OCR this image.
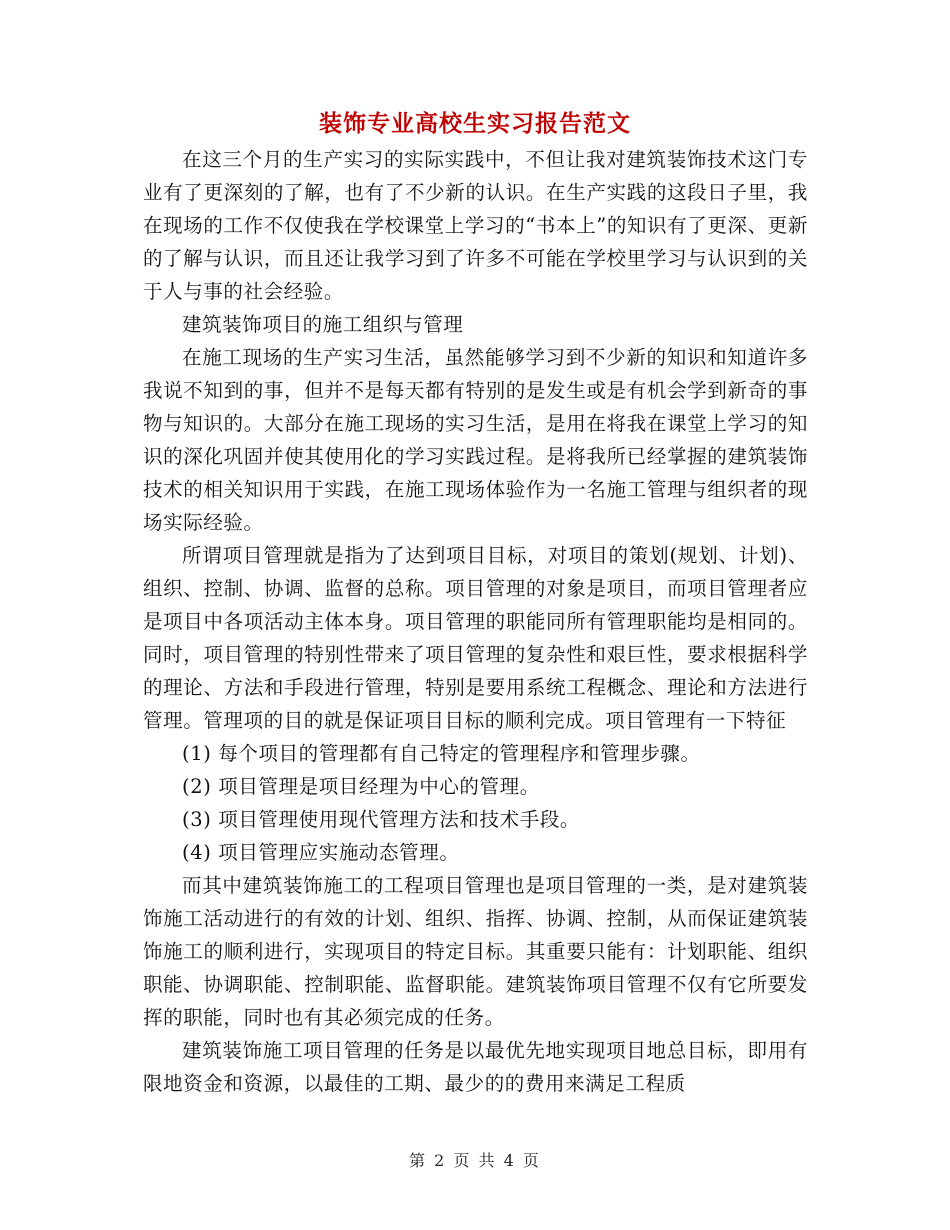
装饰专业高校生实习报告范文

在这三个月的生产实习的实际实践中，不但让我对建筑装饰技术这门专业有了更深刻的了解，也有了不少新的认识。在生产实践的这段日子里，我在现场的工作不仅使我在学校课堂上学习的“书本上”的知识有了更深、更新的了解与认识，而且还让我学习到了许多不可能在学校里学习与认识到的关于人与事的社会经验。

建筑装饰项目的施工组织与管理

在施工现场的生产实习生活，虽然能够学习到不少新的知识和知道许多我说不知到的事，但并不是每天都有特别的是发生或是有机会学到新奇的事物与知识的。大部分在施工现场的实习生活，是用在将我在课堂上学习的知识的深化巩固并使其使用化的学习实践过程。是将我所已经掌握的建筑装饰技术的相关知识用于实践，在施工现场体验作为一名施工管理与组织者的现场实际经验。

所谓项目管理就是指为了达到项目目标，对项目的策划(规划、计划)、组织、控制、协调、监督的总称。项目管理的对象是项目，而项目管理者应是项目中各项活动主体本身。项目管理的职能同所有管理职能均是相同的。同时，项目管理的特别性带来了项目管理的复杂性和艰巨性，要求根据科学的理论、方法和手段进行管理，特别是要用系统工程概念、理论和方法进行管理。管理项的目的就是保证项目目标的顺利完成。项目管理有一下特征

(1) 每个项目的管理都有自己特定的管理程序和管理步骤。

(2) 项目管理是项目经理为中心的管理。

(3) 项目管理使用现代管理方法和技术手段。

(4) 项目管理应实施动态管理。

而其中建筑装饰施工的工程项目管理也是项目管理的一类，是对建筑装饰施工活动进行的有效的计划、组织、指挥、协调、控制，从而保证建筑装饰施工的顺利进行，实现项目的特定目标。其重要只能有：计划职能、组织职能、协调职能、控制职能、监督职能。建筑装饰项目管理不仅有它所要发挥的职能，同时也有其必须完成的任务。

建筑装饰施工项目管理的任务是以最优先地实现项目地总目标，即用有限地资金和资源，以最佳的工期、最少的的费用来满足工程质

第 2 页 共 4 页
